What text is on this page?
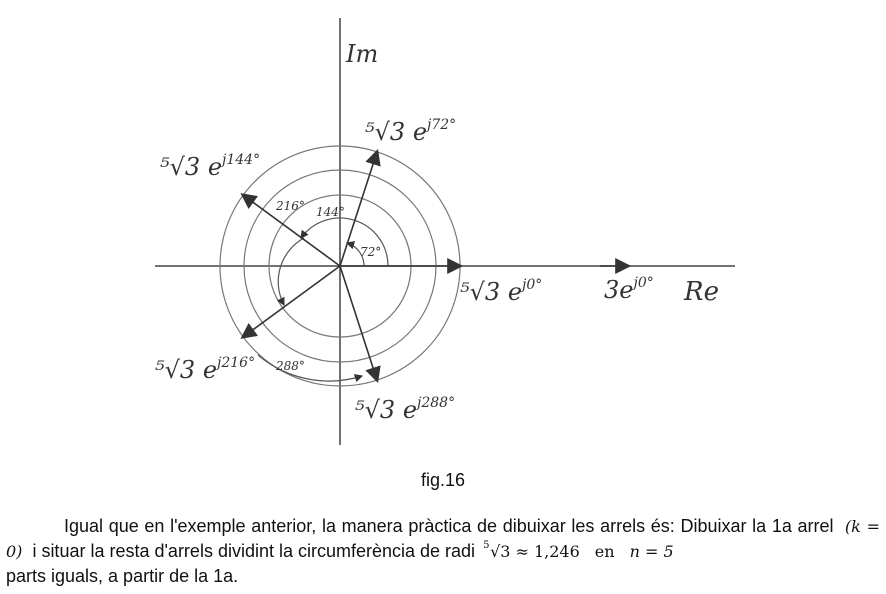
Re
Im
⁵√3 $e^{j0^\circ}$
⁵√3 $e^{j72^\circ}$
⁵√3 $e^{j144^\circ}$
⁵√3 $e^{j216^\circ}$
⁵√3 $e^{j288^\circ}$
$3e^{j0^\circ}$
72°
144°
216°
288°
fig.16
Igual que en l'exemple anterior, la manera pràctica de dibuixar les arrels és: Dibuixar la 1a arrel (k = 0) i situar la resta d'arrels dividint la circumferència de radi 5 √3 ≈ 1,246 en n = 5
parts iguals, a partir de la 1a.
